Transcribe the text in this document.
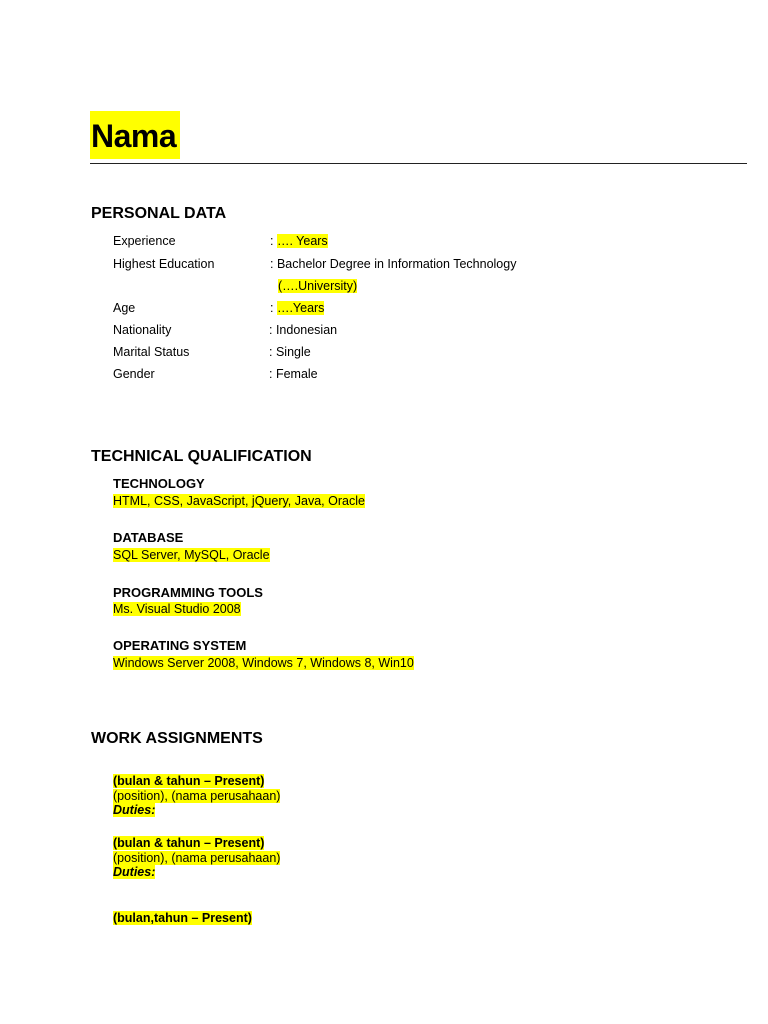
Nama
PERSONAL DATA
Experience	: …. Years
Highest Education	: Bachelor Degree in Information Technology
(….University)
Age	: ….Years
Nationality	: Indonesian
Marital Status	: Single
Gender	: Female
TECHNICAL QUALIFICATION
TECHNOLOGY
HTML, CSS, JavaScript, jQuery, Java, Oracle
DATABASE
SQL Server, MySQL, Oracle
PROGRAMMING TOOLS
Ms. Visual Studio 2008
OPERATING SYSTEM
Windows Server 2008, Windows 7, Windows 8, Win10
WORK ASSIGNMENTS
(bulan & tahun – Present)
(position), (nama perusahaan)
Duties:
(bulan & tahun – Present)
(position), (nama perusahaan)
Duties:
(bulan,tahun – Present)
